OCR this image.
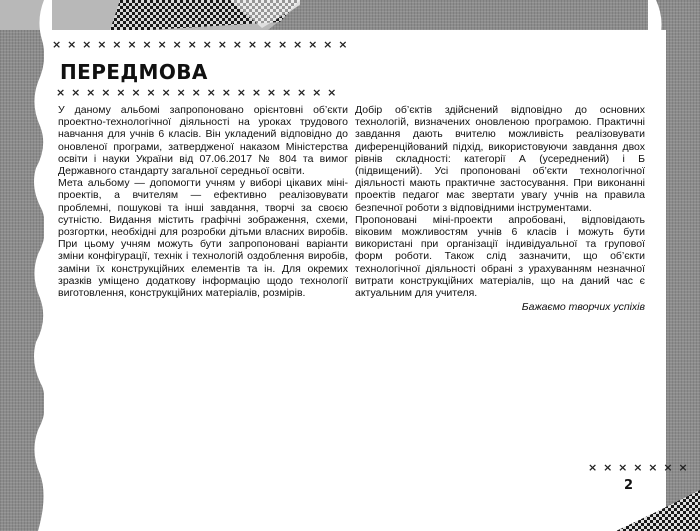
× × × × × × × × × × × × × × × × × × × ×
× × × × × × × × × × × × × × × × × × ×
× × × × × × ×
ПЕРЕДМОВА

У даному альбомі запропоновано орієнтовні об’єкти проектно-технологічної діяльності на уроках трудового навчання для учнів 6 класів. Він укладений відповідно до оновленої програми, затвердженої наказом Міністерства освіти і науки України від 07.06.2017 № 804 та вимог Державного стандарту загальної середньої освіти.

Мета альбому — допомогти учням у виборі цікавих міні-проектів, а вчителям — ефективно реалізовувати проблемні, пошукові та інші завдання, творчі за своєю сутністю. Видання містить графічні зображення, схеми, розгортки, необхідні для розробки дітьми власних виробів. При цьому учням можуть бути запропоновані варіанти зміни конфігурації, технік і технологій оздоблення виробів, заміни їх конструкційних елементів та ін. Для окремих зразків уміщено додаткову інформацію щодо технології виготовлення, конструкційних матеріалів, розмірів.

Добір об’єктів здійснений відповідно до основних технологій, визначених оновленою програмою. Практичні завдання дають вчителю можливість реалізовувати диференційований підхід, використовуючи завдання двох рівнів складності: категорії А (усереднений) і Б (підвищений). Усі пропоновані об’єкти технологічної діяльності мають практичне застосування. При виконанні проектів педагог має звертати увагу учнів на правила безпечної роботи з відповідними інструментами.

Пропоновані міні-проекти апробовані, відповідають віковим можливостям учнів 6 класів і можуть бути використані при організації індивідуальної та групової форм роботи. Також слід зазначити, що об’єкти технологічної діяльності обрані з урахуванням незначної витрати конструкційних матеріалів, що на даний час є актуальним для учителя.

Бажаємо творчих успіхів

2
